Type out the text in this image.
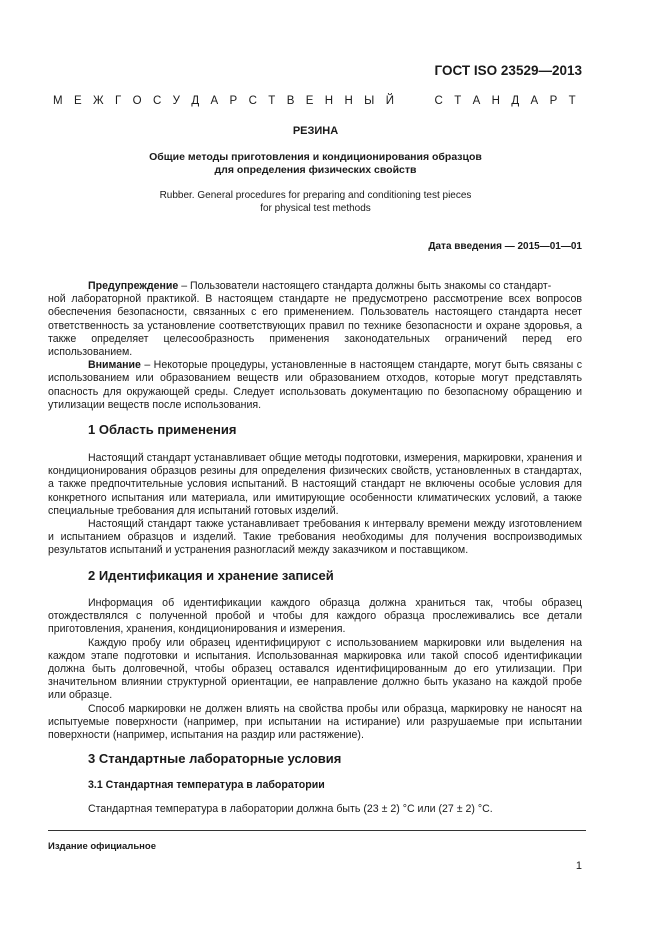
ГОСТ ISO 23529—2013
М Е Ж Г О С У Д А Р С Т В Е Н Н Ы Й

	С Т А Н Д А Р Т
РЕЗИНА
Общие методы приготовления и кондиционирования образцов
для определения физических свойств
Rubber. General procedures for preparing and conditioning test pieces
for physical test methods
Дата введения — 2015—01—01

Предупреждение – Пользователи настоящего стандарта должны быть знакомы со стандарт-
ной лабораторной практикой. В настоящем стандарте не предусмотрено рассмотрение всех вопросов обеспечения безопасности, связанных с его применением. Пользователь настоящего стандарта несет ответственность за установление соответствующих правил по технике безопасности и охране здоровья, а также определяет целесообразность применения законодательных ограничений перед его использованием.

Внимание – Некоторые процедуры, установленные в настоящем стандарте, могут быть связаны с использованием или образованием веществ или образованием отходов, которые могут представлять опасность для окружающей среды. Следует использовать документацию по безопасному обращению и утилизации веществ после использования.

1 Область применения

Настоящий стандарт устанавливает общие методы подготовки, измерения, маркировки, хранения и кондиционирования образцов резины для определения физических свойств, установленных в стандартах, а также предпочтительные условия испытаний. В настоящий стандарт не включены особые условия для конкретного испытания или материала, или имитирующие особенности климатических условий, а также специальные требования для испытаний готовых изделий.

Настоящий стандарт также устанавливает требования к интервалу времени между изготовлением и испытанием образцов и изделий. Такие требования необходимы для получения воспроизводимых результатов испытаний и устранения разногласий между заказчиком и поставщиком.

2 Идентификация и хранение записей

Информация об идентификации каждого образца должна храниться так, чтобы образец отождествлялся с полученной пробой и чтобы для каждого образца прослеживались все детали приготовления, хранения, кондиционирования и измерения.

Каждую пробу или образец идентифицируют с использованием маркировки или выделения на каждом этапе подготовки и испытания. Использованная маркировка или такой способ идентификации должна быть долговечной, чтобы образец оставался идентифицированным до его утилизации. При значительном влиянии структурной ориентации, ее направление должно быть указано на каждой пробе или образце.

Способ маркировки не должен влиять на свойства пробы или образца, маркировку не наносят на испытуемые поверхности (например, при испытании на истирание) или разрушаемые при испытании поверхности (например, испытания на раздир или растяжение).

3 Стандартные лабораторные условия
3.1 Стандартная температура в лаборатории

Стандартная температура в лаборатории должна быть (23 ± 2) °С или (27 ± 2) °С.

Издание официальное
1
